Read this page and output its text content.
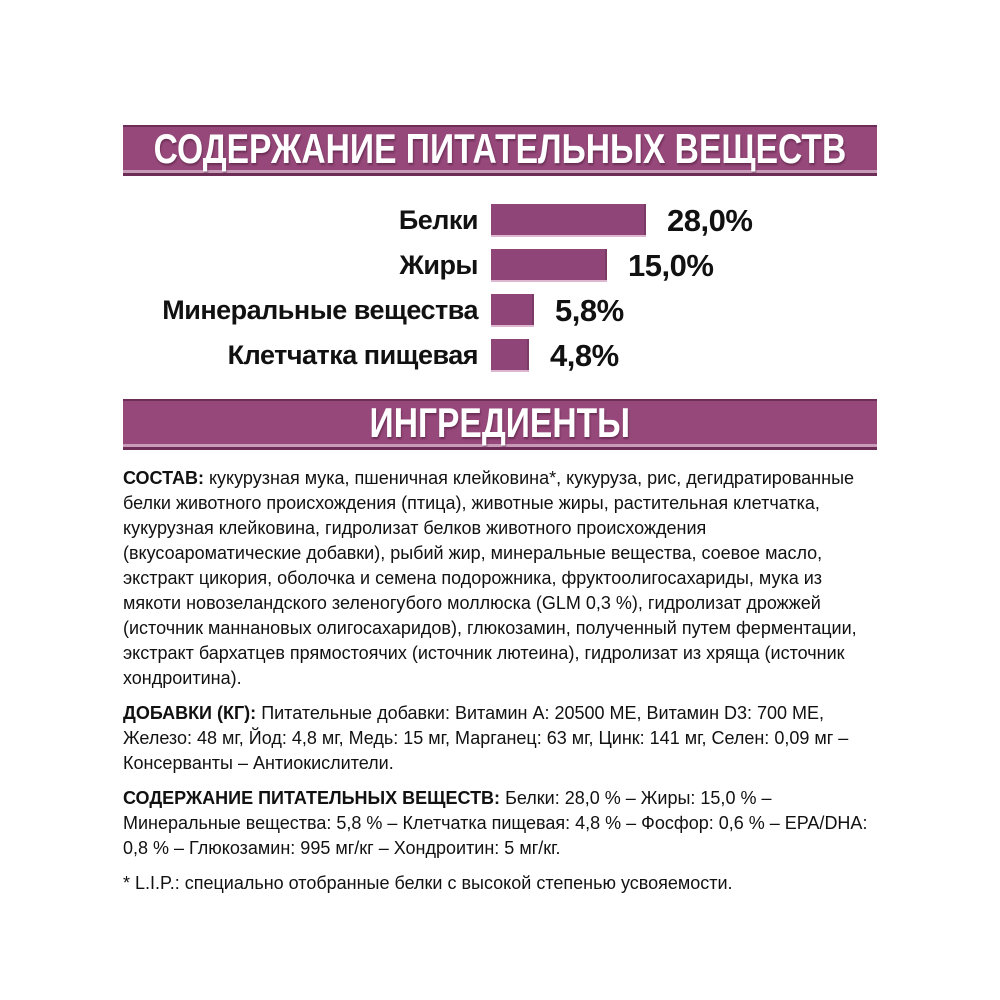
СОДЕРЖАНИЕ ПИТАТЕЛЬНЫХ ВЕЩЕСТВ
Белки	28,0%
Жиры	15,0%
Минеральные вещества	5,8%
Клетчатка пищевая	4,8%
ИНГРЕДИЕНТЫ

СОСТАВ: кукурузная мука, пшеничная клейковина*, кукуруза, рис, дегидратированные белки животного происхождения (птица), животные жиры, растительная клетчатка, кукурузная клейковина, гидролизат белков животного происхождения (вкусоароматические добавки), рыбий жир, минеральные вещества, соевое масло, экстракт цикория, оболочка и семена подорожника, фруктоолигосахариды, мука из мякоти новозеландского зеленогубого моллюска (GLM 0,3 %), гидролизат дрожжей (источник маннановых олигосахаридов), глюкозамин, полученный путем ферментации, экстракт бархатцев прямостоячих (источник лютеина), гидролизат из хряща (источник хондроитина).

ДОБАВКИ (КГ): Питательные добавки: Витамин A: 20500 МЕ, Витамин D3: 700 МЕ, Железо: 48 мг, Йод: 4,8 мг, Медь: 15 мг, Марганец: 63 мг, Цинк: 141 мг, Селен: 0,09 мг – Консерванты – Антиокислители.

СОДЕРЖАНИЕ ПИТАТЕЛЬНЫХ ВЕЩЕСТВ: Белки: 28,0 % – Жиры: 15,0 % – Минеральные вещества: 5,8 % – Клетчатка пищевая: 4,8 % – Фосфор: 0,6 % – EPA/DHA: 0,8 % – Глюкозамин: 995 мг/кг – Хондроитин: 5 мг/кг.

* L.I.P.: специально отобранные белки с высокой степенью усвояемости.
